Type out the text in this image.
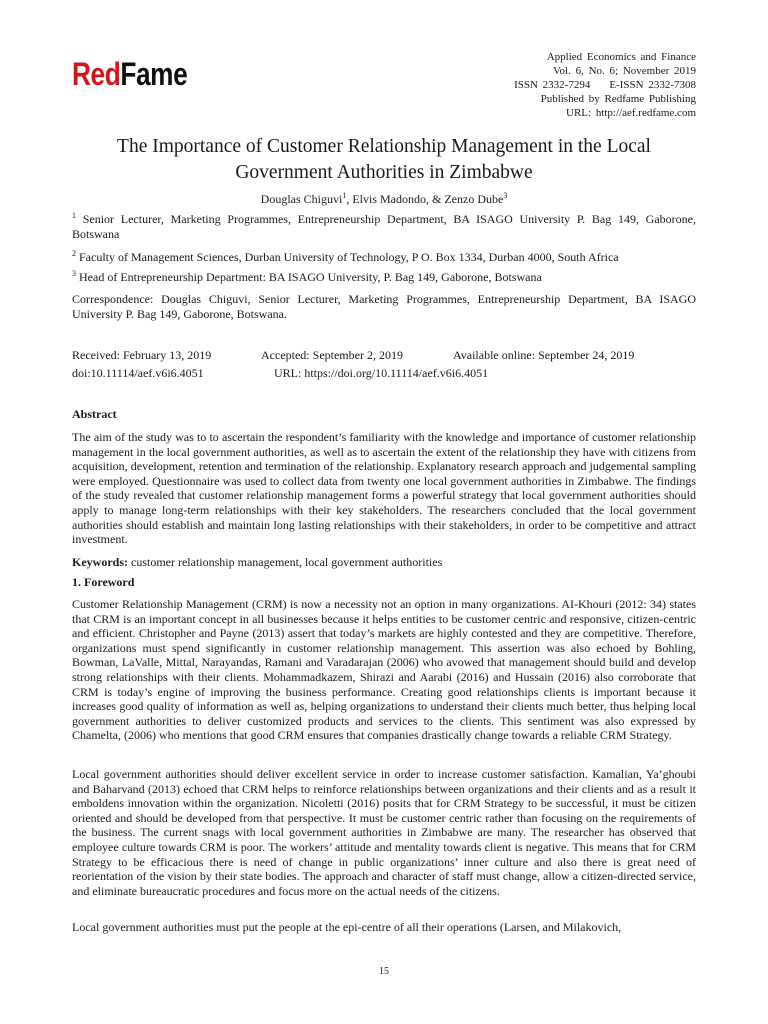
RedFame	Applied Economics and Finance
Vol. 6, No. 6; November 2019
ISSN 2332-7294    E-ISSN 2332-7308
Published by Redfame Publishing
URL: http://aef.redfame.com
The Importance of Customer Relationship Management in the Local Government Authorities in Zimbabwe
Douglas Chiguvi$^1$, Elvis Madondo, & Zenzo Dube$^3$
$^1$ Senior Lecturer, Marketing Programmes, Entrepreneurship Department, BA ISAGO University P. Bag 149, Gaborone, Botswana
$^2$ Faculty of Management Sciences, Durban University of Technology, P O. Box 1334, Durban 4000, South Africa
$^3$ Head of Entrepreneurship Department: BA ISAGO University, P. Bag 149, Gaborone, Botswana
Correspondence: Douglas Chiguvi, Senior Lecturer, Marketing Programmes, Entrepreneurship Department, BA ISAGO University P. Bag 149, Gaborone, Botswana.
Received: February 13, 2019	Accepted: September 2, 2019	Available online: September 24, 2019
doi:10.11114/aef.v6i6.4051	URL: https://doi.org/10.11114/aef.v6i6.4051
Abstract
The aim of the study was to to ascertain the respondent’s familiarity with the knowledge and importance of customer relationship management in the local government authorities, as well as to ascertain the extent of the relationship they have with citizens from acquisition, development, retention and termination of the relationship. Explanatory research approach and judgemental sampling were employed. Questionnaire was used to collect data from twenty one local government authorities in Zimbabwe. The findings of the study revealed that customer relationship management forms a powerful strategy that local government authorities should apply to manage long-term relationships with their key stakeholders. The researchers concluded that the local government authorities should establish and maintain long lasting relationships with their stakeholders, in order to be competitive and attract investment.
Keywords: customer relationship management, local government authorities
1. Foreword
Customer Relationship Management (CRM) is now a necessity not an option in many organizations. AI-Khouri (2012: 34) states that CRM is an important concept in all businesses because it helps entities to be customer centric and responsive, citizen-centric and efficient. Christopher and Payne (2013) assert that today’s markets are highly contested and they are competitive. Therefore, organizations must spend significantly in customer relationship management. This assertion was also echoed by Bohling, Bowman, LaValle, Mittal, Narayandas, Ramani and Varadarajan (2006) who avowed that management should build and develop strong relationships with their clients. Mohammadkazem, Shirazi and Aarabi (2016) and Hussain (2016) also corroborate that CRM is today’s engine of improving the business performance. Creating good relationships clients is important because it increases good quality of information as well as, helping organizations to understand their clients much better, thus helping local government authorities to deliver customized products and services to the clients. This sentiment was also expressed by Chamelta, (2006) who mentions that good CRM ensures that companies drastically change towards a reliable CRM Strategy.
Local government authorities should deliver excellent service in order to increase customer satisfaction. Kamalian, Ya’ghoubi and Baharvand (2013) echoed that CRM helps to reinforce relationships between organizations and their clients and as a result it emboldens innovation within the organization. Nicoletti (2016) posits that for CRM Strategy to be successful, it must be citizen oriented and should be developed from that perspective. It must be customer centric rather than focusing on the requirements of the business. The current snags with local government authorities in Zimbabwe are many. The researcher has observed that employee culture towards CRM is poor. The workers’ attitude and mentality towards client is negative. This means that for CRM Strategy to be efficacious there is need of change in public organizations’ inner culture and also there is great need of reorientation of the vision by their state bodies. The approach and character of staff must change, allow a citizen-directed service, and eliminate bureaucratic procedures and focus more on the actual needs of the citizens.
Local government authorities must put the people at the epi-centre of all their operations (Larsen, and Milakovich,
15
